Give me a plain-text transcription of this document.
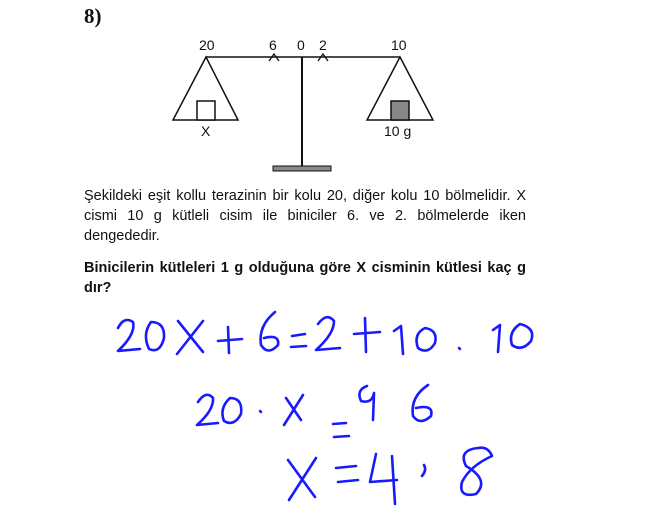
8)
20	6 0 2	10
X	10 g
Şekildeki eşit kollu terazinin bir kolu 20, diğer kolu 10 bölmelidir. X cismi 10 g kütleli cisim ile biniciler 6. ve 2. bölmelerde iken dengededir.
Binicilerin kütleleri 1 g olduğuna göre X cisminin kütlesi kaç g dır?
